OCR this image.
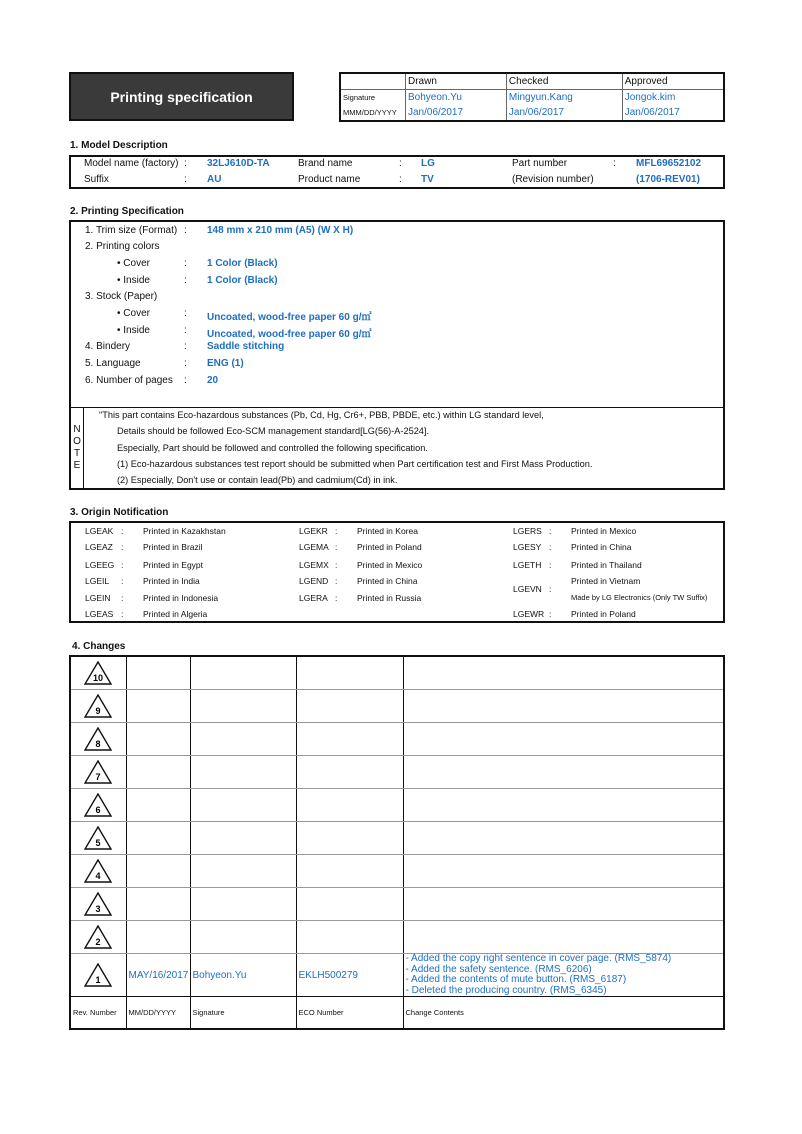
Printing specification
	Drawn	Checked	Approved
Signature	Bohyeon.Yu	Mingyun.Kang	Jongok.kim
MMM/DD/YYYY	Jan/06/2017	Jan/06/2017	Jan/06/2017
1. Model Description
Model name (factory) : 32LJ610D-TA	Brand name	: LG	Part number	: MFL69652102
Suffix	: AU	Product name	: TV	(Revision number)	(1706-REV01)
2. Printing Specification
1. Trim size (Format) : 148 mm x 210 mm (A5) (W X H)
2. Printing colors
• Cover	: 1 Color (Black)
• Inside	: 1 Color (Black)
3. Stock (Paper)
• Cover	: Uncoated, wood-free paper 60 g/㎡
• Inside	: Uncoated, wood-free paper 60 g/㎡
4. Bindery	: Saddle stitching
5. Language	: ENG (1)
6. Number of pages : 20
N
O
T
E
"This part contains Eco-hazardous substances (Pb, Cd, Hg, Cr6+, PBB, PBDE, etc.) within LG standard level,
Details should be followed Eco-SCM management standard[LG(56)-A-2524].
Especially, Part should be followed and controlled the following specification.
(1) Eco-hazardous substances test report should be submitted when Part certification test and First Mass Production.
(2) Especially, Don't use or contain lead(Pb) and cadmium(Cd) in ink.
3. Origin Notification
LGEAK : Printed in Kazakhstan
LGEAZ : Printed in Brazil
LGEEG : Printed in Egypt
LGEIL : Printed in India
LGEIN : Printed in Indonesia
LGEAS : Printed in Algeria
LGEKR : Printed in Korea
LGEMA : Printed in Poland
LGEMX : Printed in Mexico
LGEND : Printed in China
LGERA : Printed in Russia
LGERS : Printed in Mexico
LGESY : Printed in China
LGETH : Printed in Thailand
LGEVN :
Printed in Vietnam
Made by LG Electronics (Only TW Suffix)
LGEWR : Printed in Poland
4. Changes
10				

9				

8				

7				

6				

5				

4				

3				

2				

1	MAY/16/2017	Bohyeon.Yu	EKLH500279	- Added the copy right sentence in cover page. (RMS_5874)
- Added the safety sentence. (RMS_6206)
- Added the contents of mute button. (RMS_6187)
- Deleted the producing country. (RMS_6345)

Rev. Number	MM/DD/YYYY	Signature	ECO Number	Change Contents
